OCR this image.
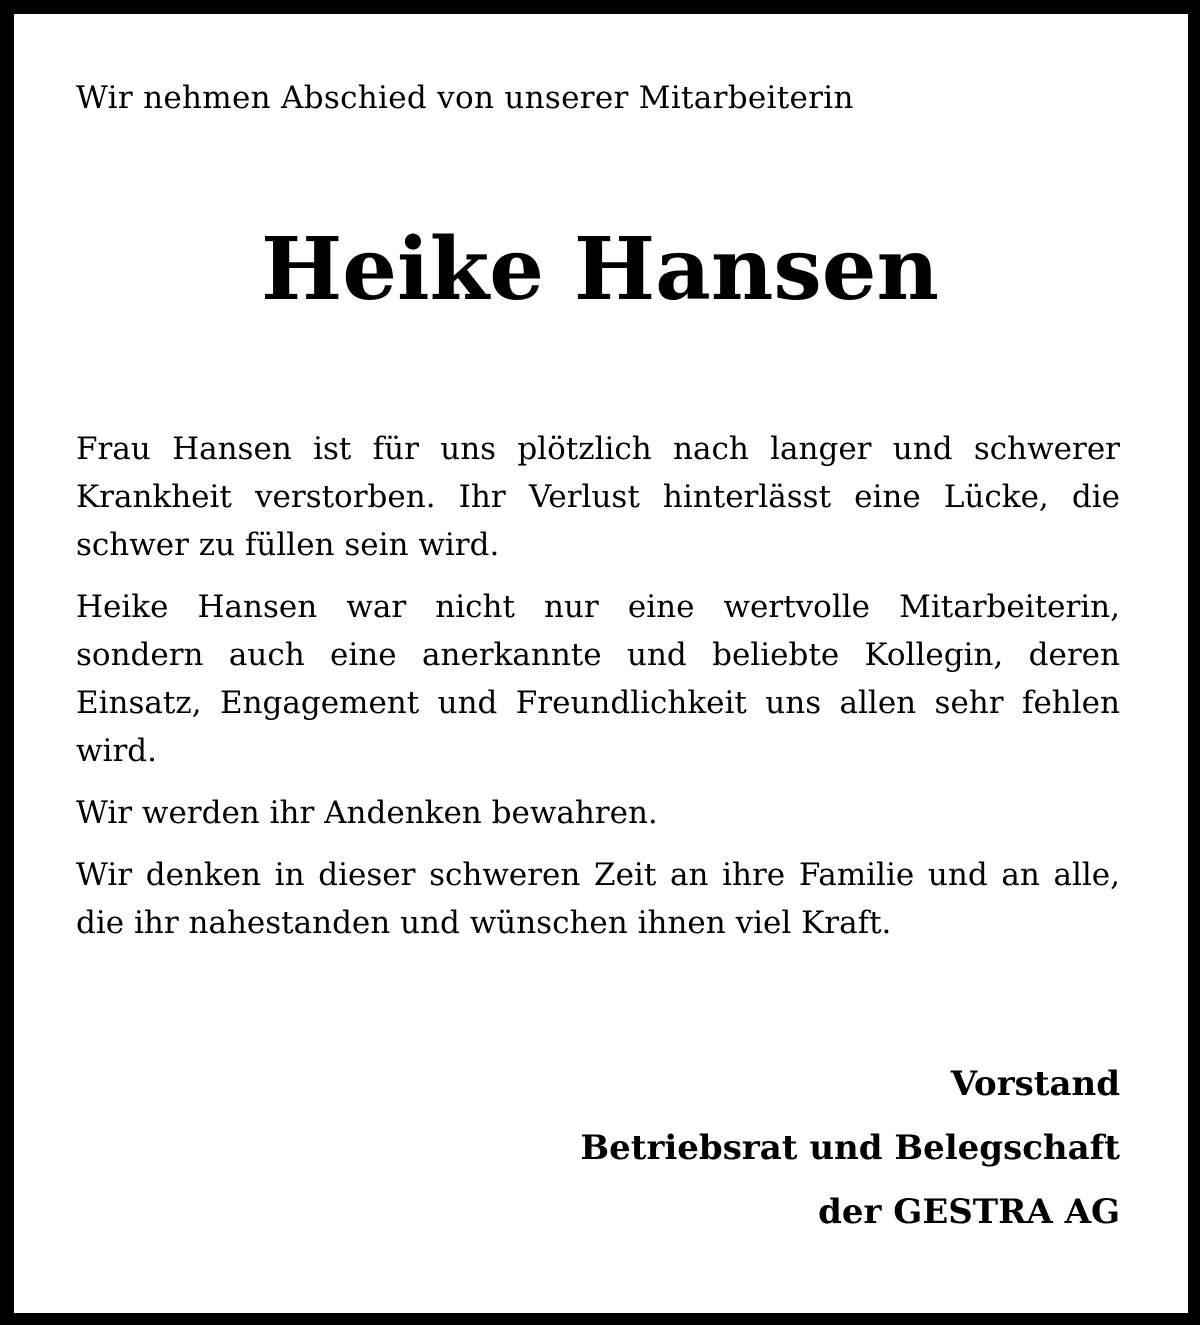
Wir nehmen Abschied von unserer Mitarbeiterin
Heike Hansen

Frau Hansen ist für uns plötzlich nach langer und schwerer Krankheit verstorben. Ihr Verlust hinterlässt eine Lücke, die schwer zu füllen sein wird.

Heike Hansen war nicht nur eine wertvolle Mitarbeiterin, sondern auch eine anerkannte und beliebte Kollegin, deren Einsatz, Engagement und Freundlichkeit uns allen sehr fehlen wird.

Wir werden ihr Andenken bewahren.

Wir denken in dieser schweren Zeit an ihre Familie und an alle, die ihr nahestanden und wünschen ihnen viel Kraft.

Vorstand
Betriebsrat und Belegschaft
der GESTRA AG
